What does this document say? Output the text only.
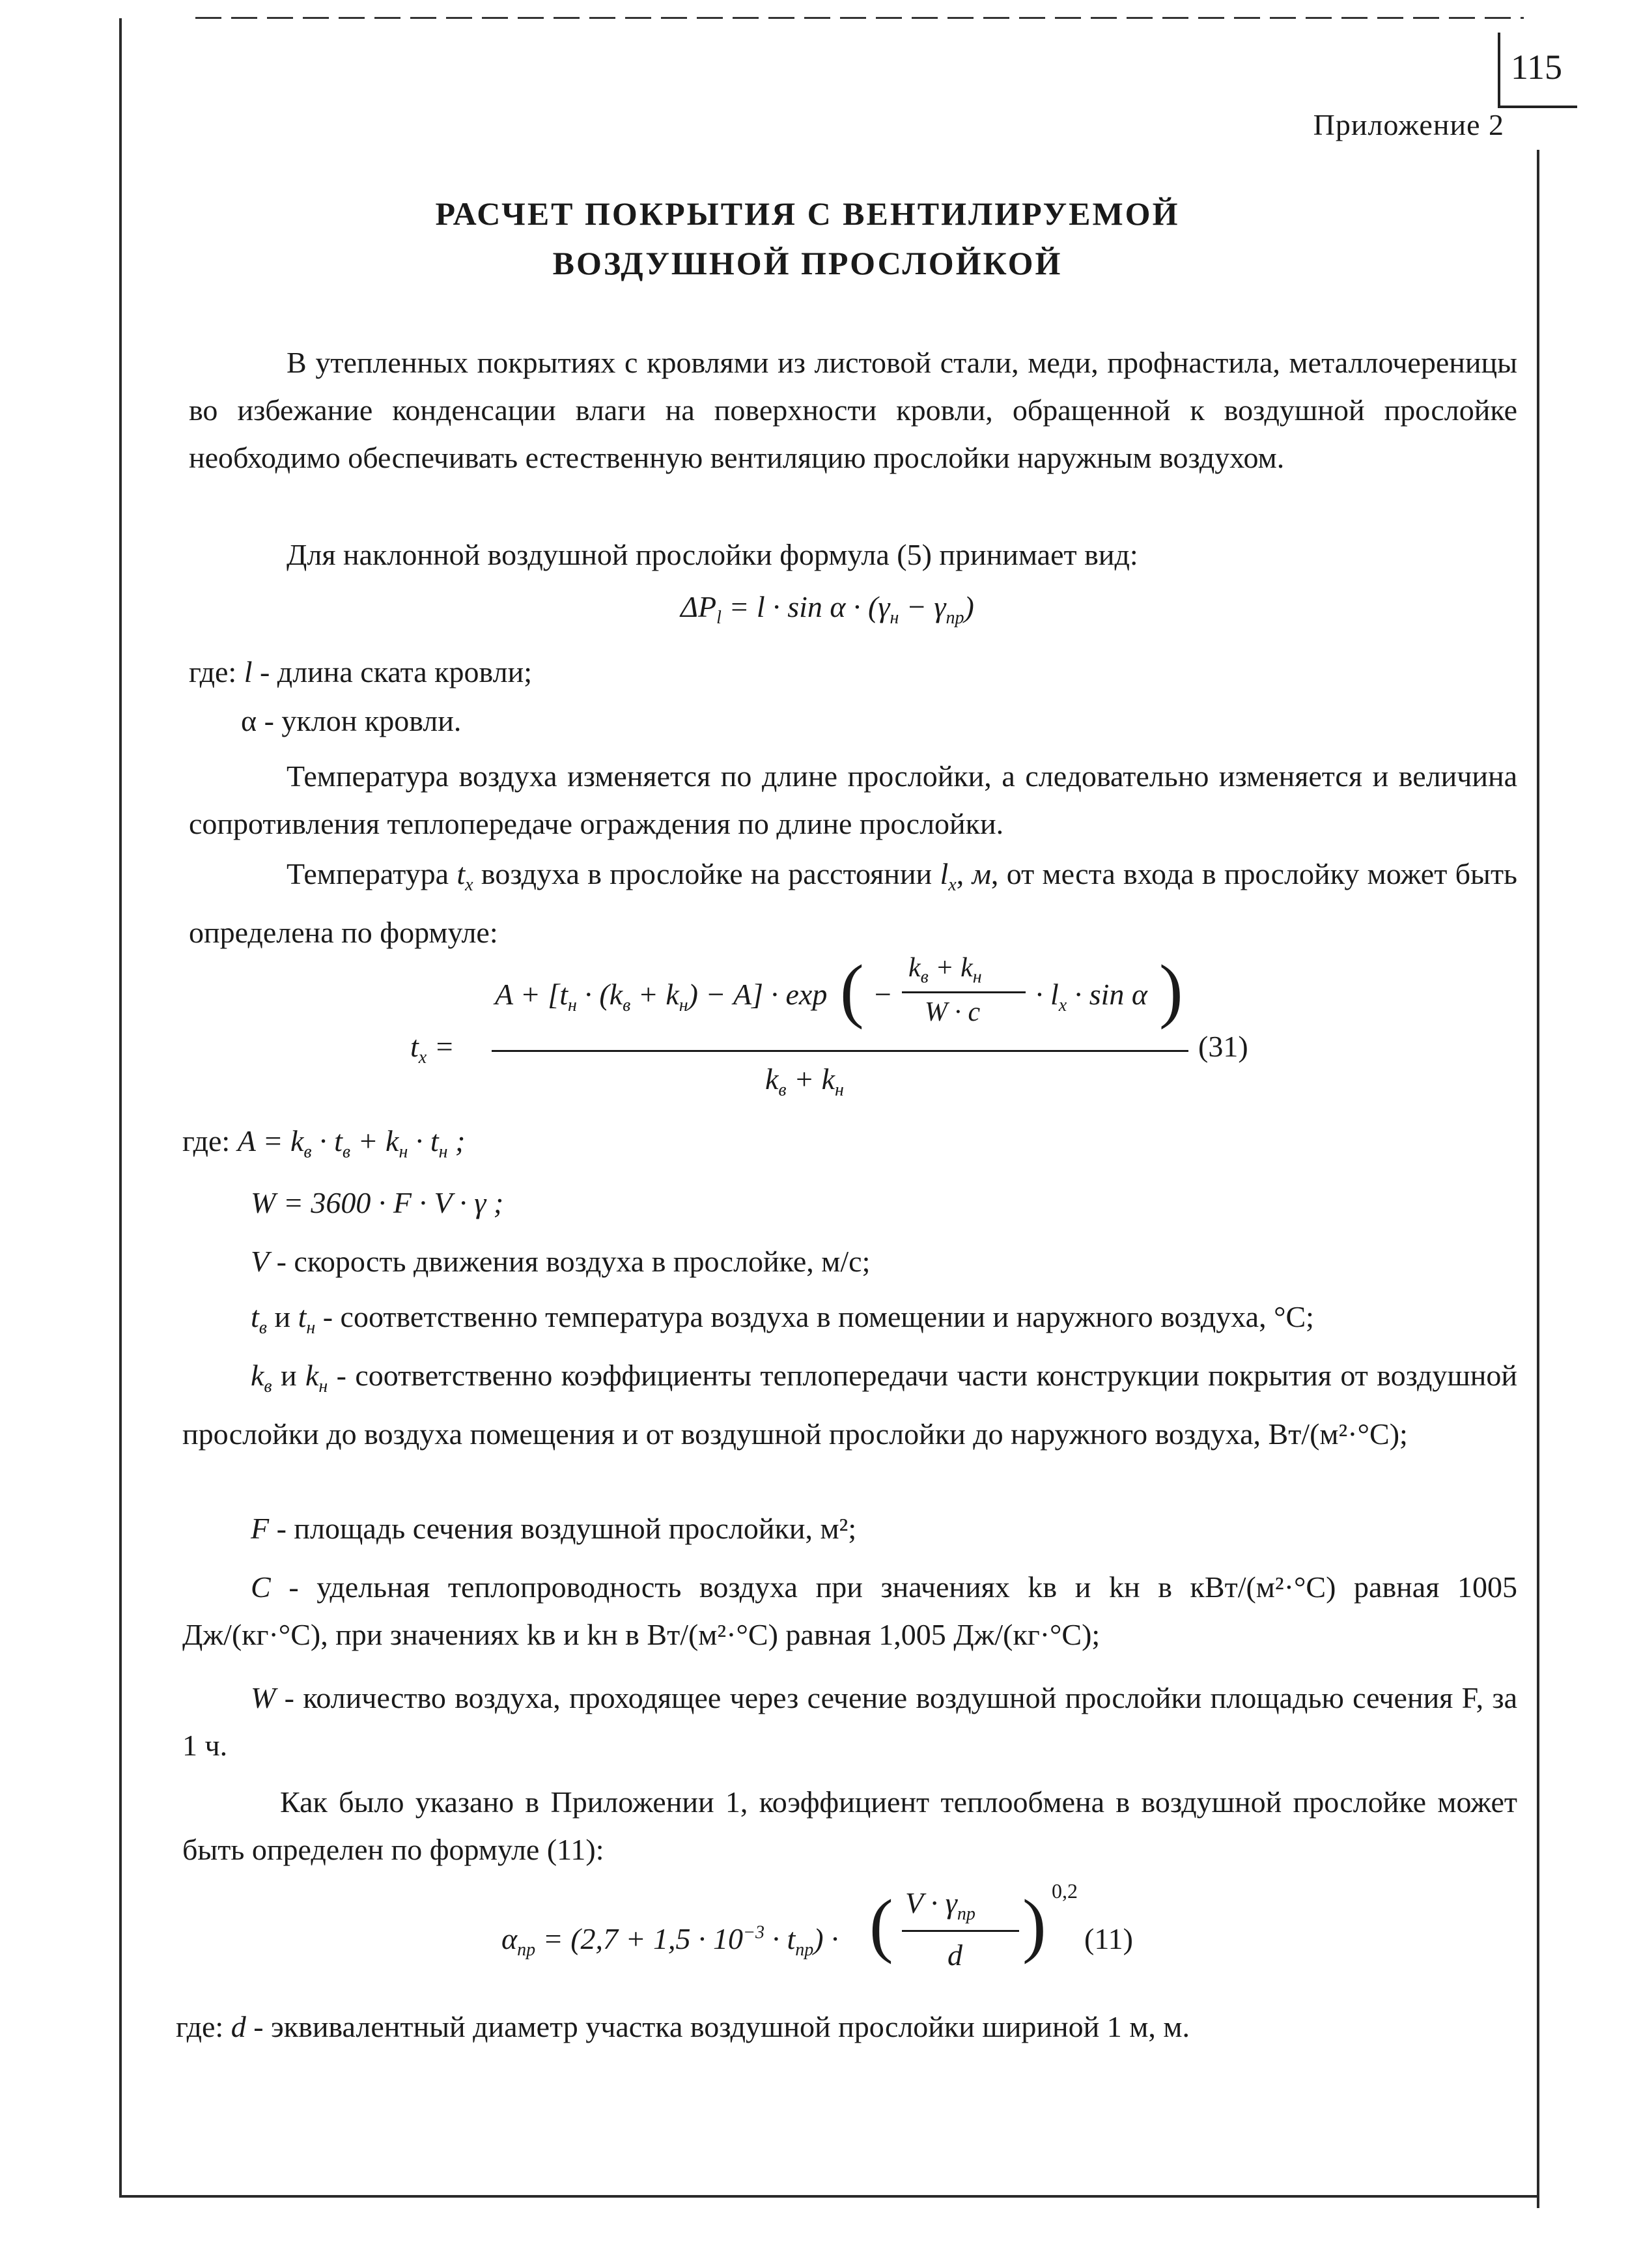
115
Приложение 2
РАСЧЕТ ПОКРЫТИЯ С ВЕНТИЛИРУЕМОЙ
ВОЗДУШНОЙ ПРОСЛОЙКОЙ
В утепленных покрытиях с кровлями из листовой стали, меди, профнастила, металлочереницы во избежание конденсации влаги на поверхности кровли, обращенной к воздушной прослойке необходимо обеспечивать естественную вентиляцию прослойки наружным воздухом.
Для наклонной воздушной прослойки формула (5) принимает вид:
$\Delta P_l = l \cdot \sin \alpha \cdot (\gamma_н - \gamma_{пр})$
где: l - длина ската кровли;
α - уклон кровли.
Температура воздуха изменяется по длине прослойки, а следовательно изменяется и величина сопротивления теплопередаче ограждения по длине прослойки.
Температура $t_x$ воздуха в прослойке на расстоянии $l_x$, м, от места входа в прослойку может быть определена по формуле:
$t_x$ =
$A + [t_н \cdot (k_в + k_н) - A] \cdot \exp$ ( −
$k_в + k_н$
W · c
· $l_x \cdot \sin \alpha$ )
$k_в + k_н$
(31)
где: $A = k_в \cdot t_в + k_н \cdot t_н$ ;
W = 3600 · F · V · γ ;
V - скорость движения воздуха в прослойке, м/с;
$t_в$ и $t_н$ - соответственно температура воздуха в помещении и наружного воздуха, °С;
$k_в$ и $k_н$ - соответственно коэффициенты теплопередачи части конструкции покрытия от воздушной прослойки до воздуха помещения и от воздушной прослойки до наружного воздуха, Вт/(м²·°С);
F - площадь сечения воздушной прослойки, м²;
C - удельная теплопроводность воздуха при значениях kв и kн в кВт/(м²·°С) равная 1005 Дж/(кг·°С), при значениях kв и kн в Вт/(м²·°С) равная 1,005 Дж/(кг·°С);
W - количество воздуха, проходящее через сечение воздушной прослойки площадью сечения F, за 1 ч.
Как было указано в Приложении 1, коэффициент теплообмена в воздушной прослойке может быть определен по формуле (11):
$\alpha_{пр} = (2,7 + 1,5 \cdot 10^{-3} \cdot t_{пр})$ · ( $V \cdot \gamma_{пр}$
d ) 0,2
(11)
где: d - эквивалентный диаметр участка воздушной прослойки шириной 1 м, м.
